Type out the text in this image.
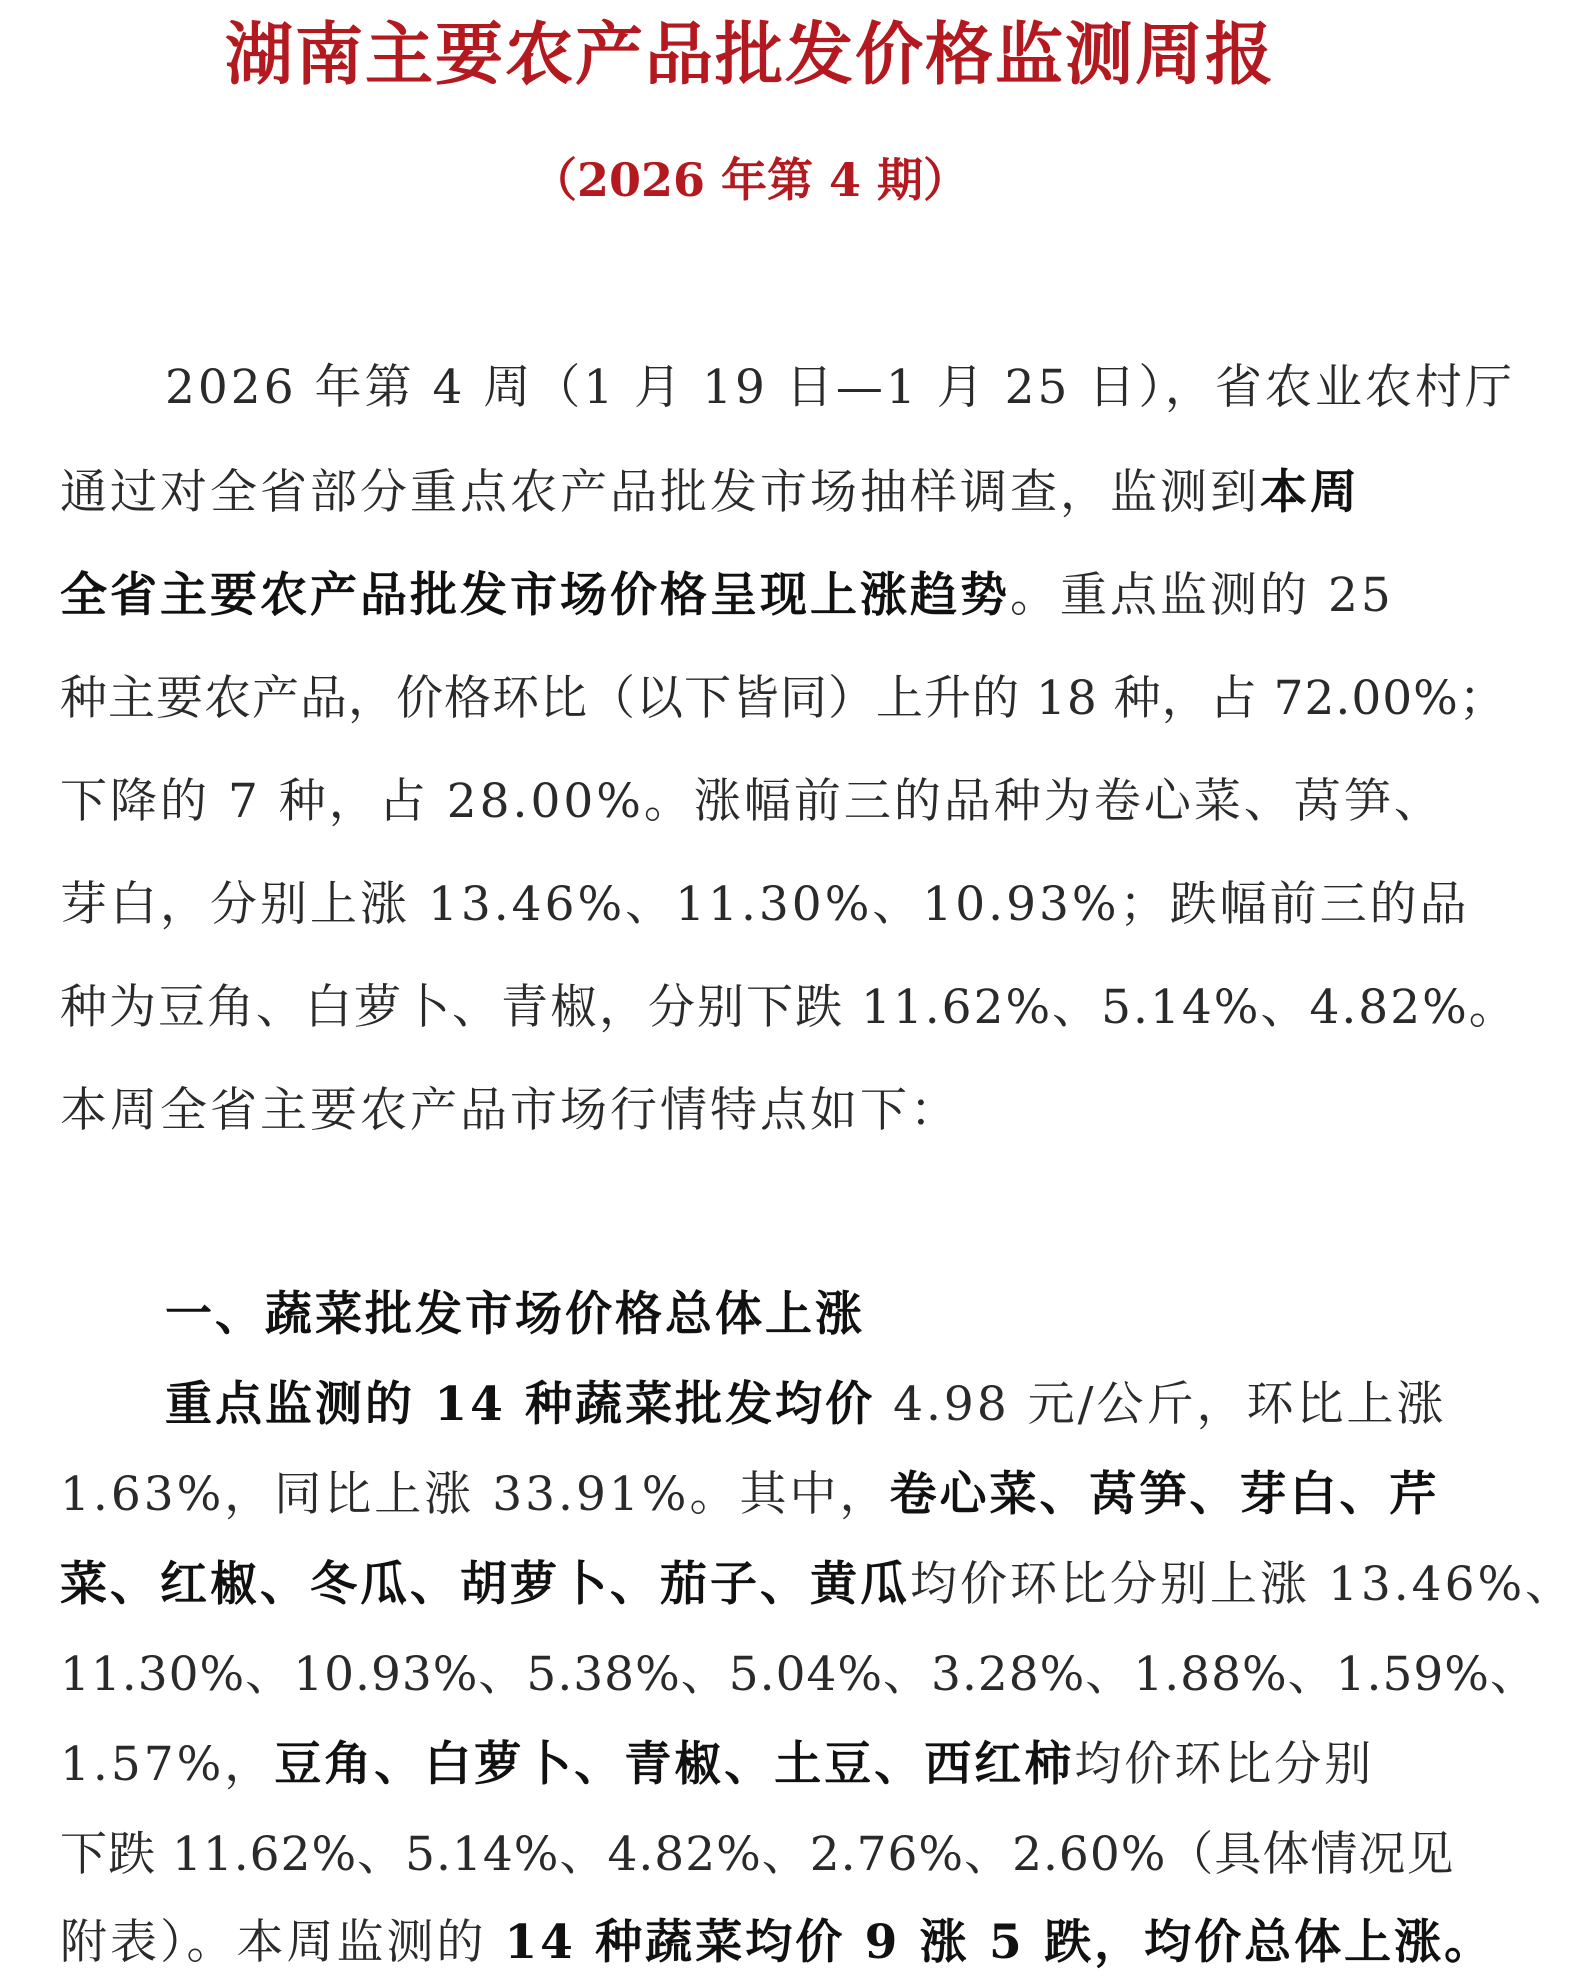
湖南主要农产品批发价格监测周报
（2026 年第 4 期）
2026 年第 4 周（1 月 19 日—1 月 25 日），省农业农村厅
通过对全省部分重点农产品批发市场抽样调查，监测到本周
全省主要农产品批发市场价格呈现上涨趋势。重点监测的 25
种主要农产品，价格环比（以下皆同）上升的 18 种，占 72.00%；
下降的 7 种，占 28.00%。涨幅前三的品种为卷心菜、莴笋、
芽白，分别上涨 13.46%、11.30%、10.93%；跌幅前三的品
种为豆角、白萝卜、青椒，分别下跌 11.62%、5.14%、4.82%。
本周全省主要农产品市场行情特点如下：
一、蔬菜批发市场价格总体上涨
重点监测的 14 种蔬菜批发均价 4.98 元/公斤，环比上涨
1.63%，同比上涨 33.91%。其中，卷心菜、莴笋、芽白、芹
菜、红椒、冬瓜、胡萝卜、茄子、黄瓜均价环比分别上涨 13.46%、
11.30%、10.93%、5.38%、5.04%、3.28%、1.88%、1.59%、
1.57%，豆角、白萝卜、青椒、土豆、西红柿均价环比分别
下跌 11.62%、5.14%、4.82%、2.76%、2.60%（具体情况见
附表）。本周监测的 14 种蔬菜均价 9 涨 5 跌，均价总体上涨。
